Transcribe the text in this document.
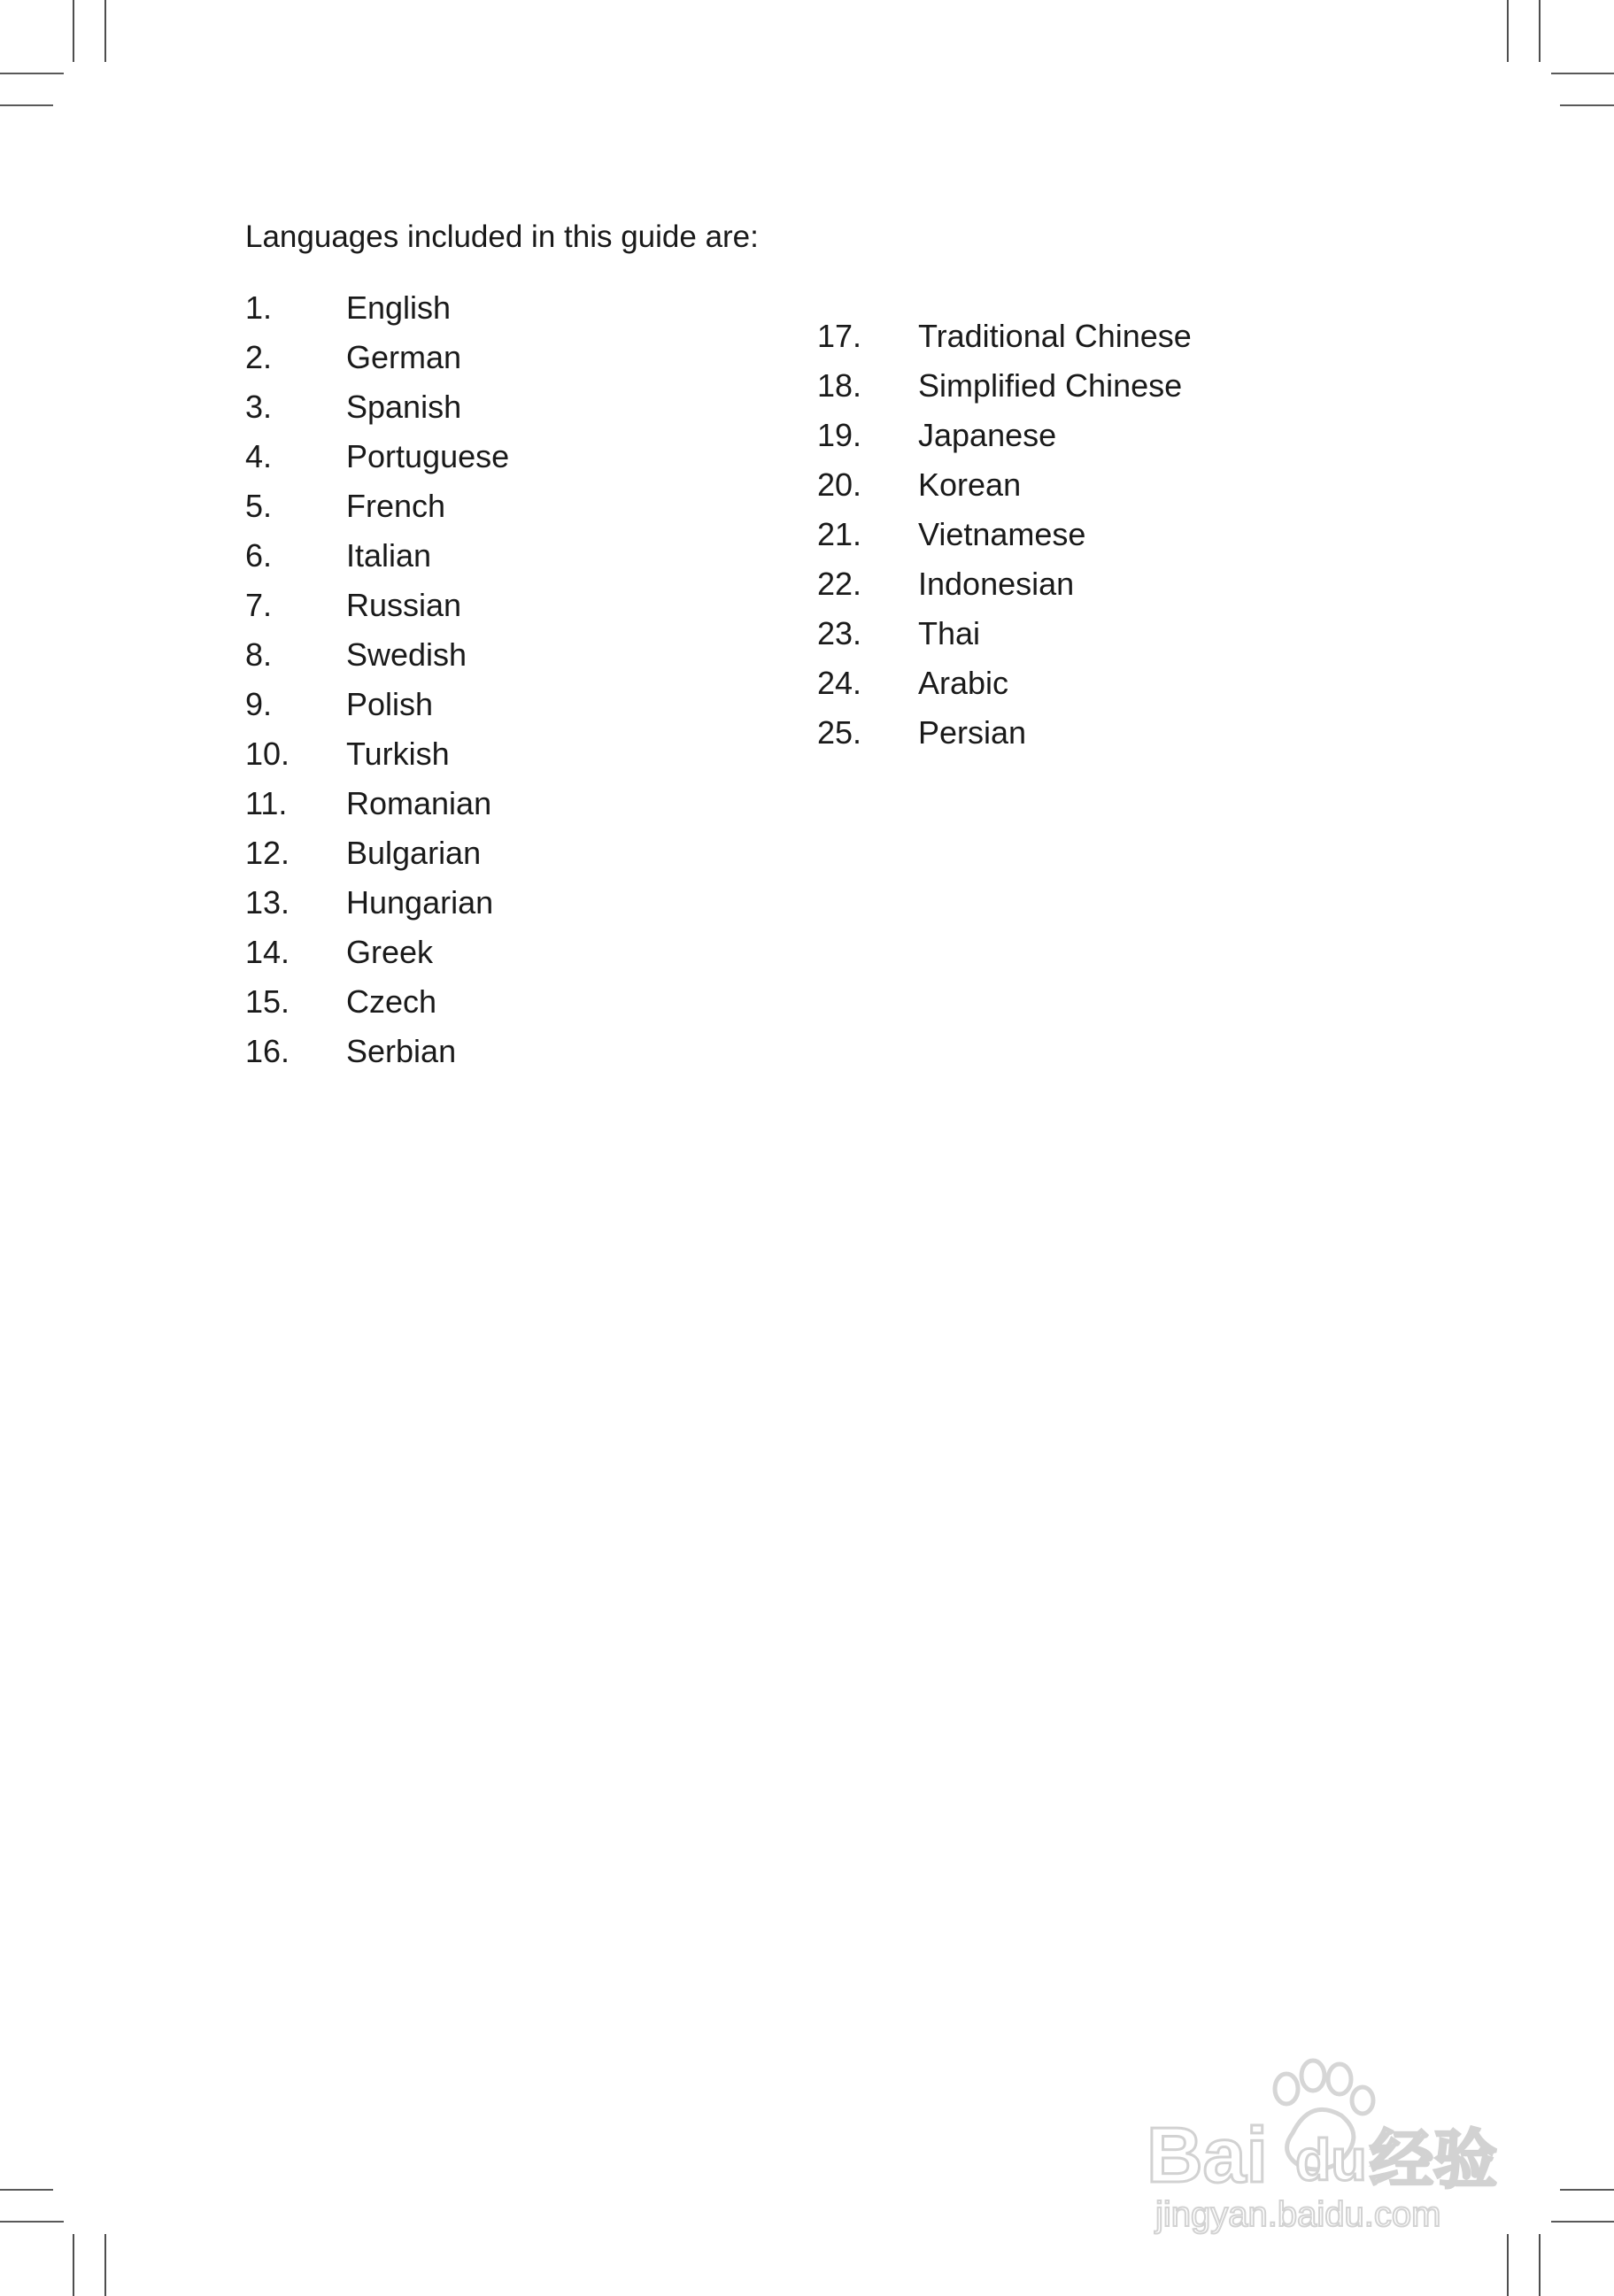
Languages included in this guide are:

1.	English
2.	German
3.	Spanish
4.	Portuguese
5.	French
6.	Italian
7.	Russian
8.	Swedish
9.	Polish
10.	Turkish
11.	Romanian
12.	Bulgarian
13.	Hungarian
14.	Greek
15.	Czech
16.	Serbian
17.	Traditional Chinese
18.	Simplified Chinese
19.	Japanese
20.	Korean
21.	Vietnamese
22.	Indonesian
23.	Thai
24.	Arabic
25.	Persian
Bai du 经验
jingyan.baidu.com
